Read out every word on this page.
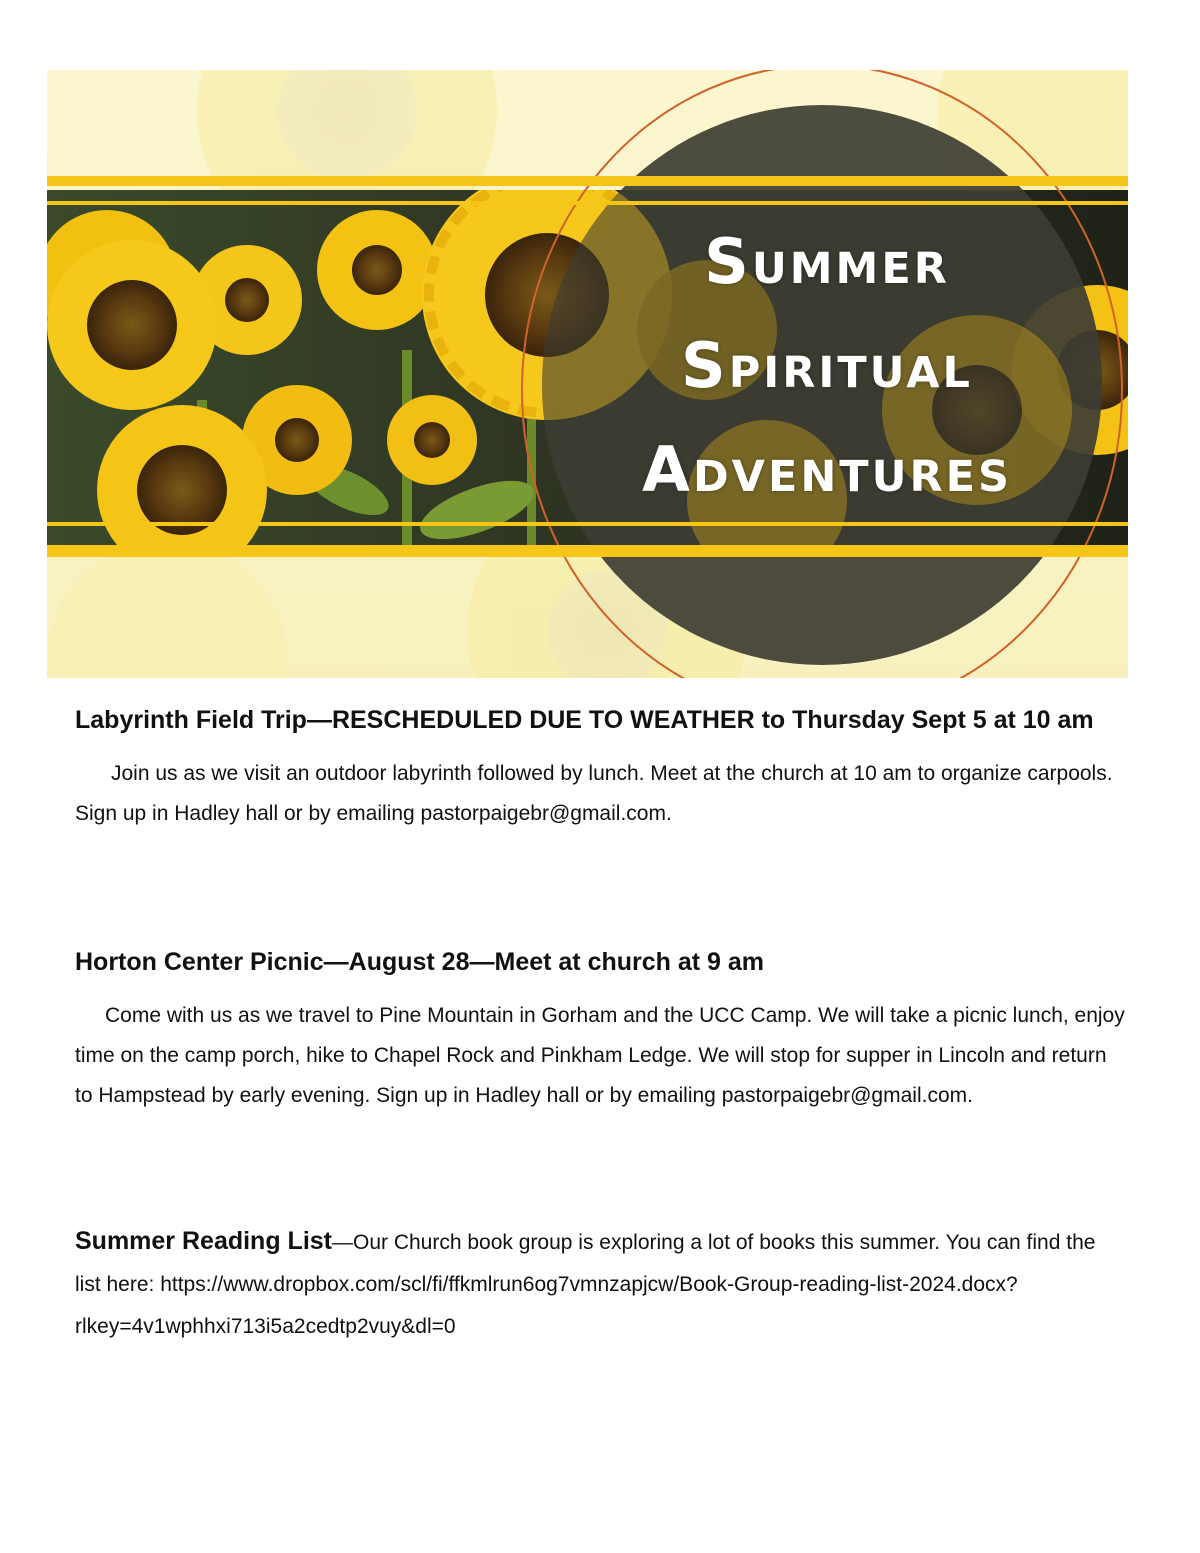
Summer
Spiritual
Adventures

Labyrinth Field Trip—RESCHEDULED DUE TO WEATHER to Thursday Sept 5 at 10 am

Join us as we visit an outdoor labyrinth followed by lunch. Meet at the church at 10 am to organize carpools. Sign up in Hadley hall or by emailing pastorpaigebr@gmail.com.

Horton Center Picnic—August 28—Meet at church at 9 am

Come with us as we travel to Pine Mountain in Gorham and the UCC Camp. We will take a picnic lunch, enjoy time on the camp porch, hike to Chapel Rock and Pinkham Ledge. We will stop for supper in Lincoln and return to Hampstead by early evening. Sign up in Hadley hall or by emailing pastorpaigebr@gmail.com.

Summer Reading List—Our Church book group is exploring a lot of books this summer. You can find the list here: https://www.dropbox.com/scl/fi/ffkmlrun6og7vmnzapjcw/Book-Group-reading-list-2024.docx?rlkey=4v1wphhxi713i5a2cedtp2vuy&dl=0
